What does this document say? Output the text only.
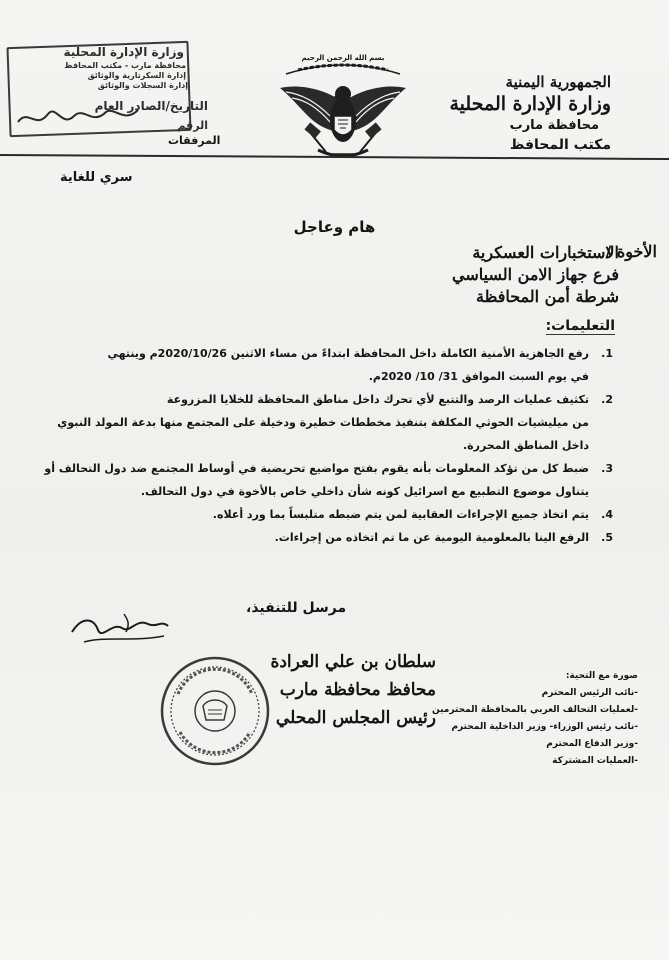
الجمهورية اليمنية
وزارة الإدارة المحلية
محافظة مارب
مكتب المحافظ
بسم الله الرحمن الرحيم
وزارة الإدارة المحلية
محافظة مارب - مكتب المحافظ
إدارة السكرتارية والوثائق
إدارة السجلات والوثائق
التاريخ/الصادر العام
الرقم
المرفقات
سري للغاية
هام وعاجل
الأخوة /
الاستخبارات العسكرية
فرع جهاز الامن السياسي
شرطة أمن المحافظة
التعليمات:
1.
رفع الجاهزية الأمنية الكاملة داخل المحافظة ابتداءً من مساء الاثنين 2020/10/26م وينتهي
في يوم السبت الموافق 31/ 10/ 2020م.
2.
تكثيف عمليات الرصد والتتبع لأي تحرك داخل مناطق المحافظة للخلايا المزروعة
من ميليشيات الحوثي المكلفة بتنفيذ مخططات خطيرة ودخيلة على المجتمع منها بدعة المولد النبوي
داخل المناطق المحررة.
3.
ضبط كل من تؤكد المعلومات بأنه يقوم بفتح مواضيع تحريضية في أوساط المجتمع ضد دول التحالف أو
يتناول موضوع التطبيع مع اسرائيل كونه شأن داخلي خاص بالأخوة في دول التحالف.
4.
يتم اتخاذ جميع الإجراءات العقابية لمن يتم ضبطه متلبساً بما ورد أعلاه.
5.
الرفع الينا بالمعلومية اليومية عن ما تم اتخاذه من إجراءات.
مرسل للتنفيذ،
سلطان بن علي العرادة
محافظ محافظة مارب
رئيس المجلس المحلي
صورة مع التحية:
-نائب الرئيس المحترم
-لعمليات التحالف العربي بالمحافظة المحترمين
-نائب رئيس الوزراء- وزير الداخلية المحترم
-وزير الدفاع المحترم
-العمليات المشتركة
